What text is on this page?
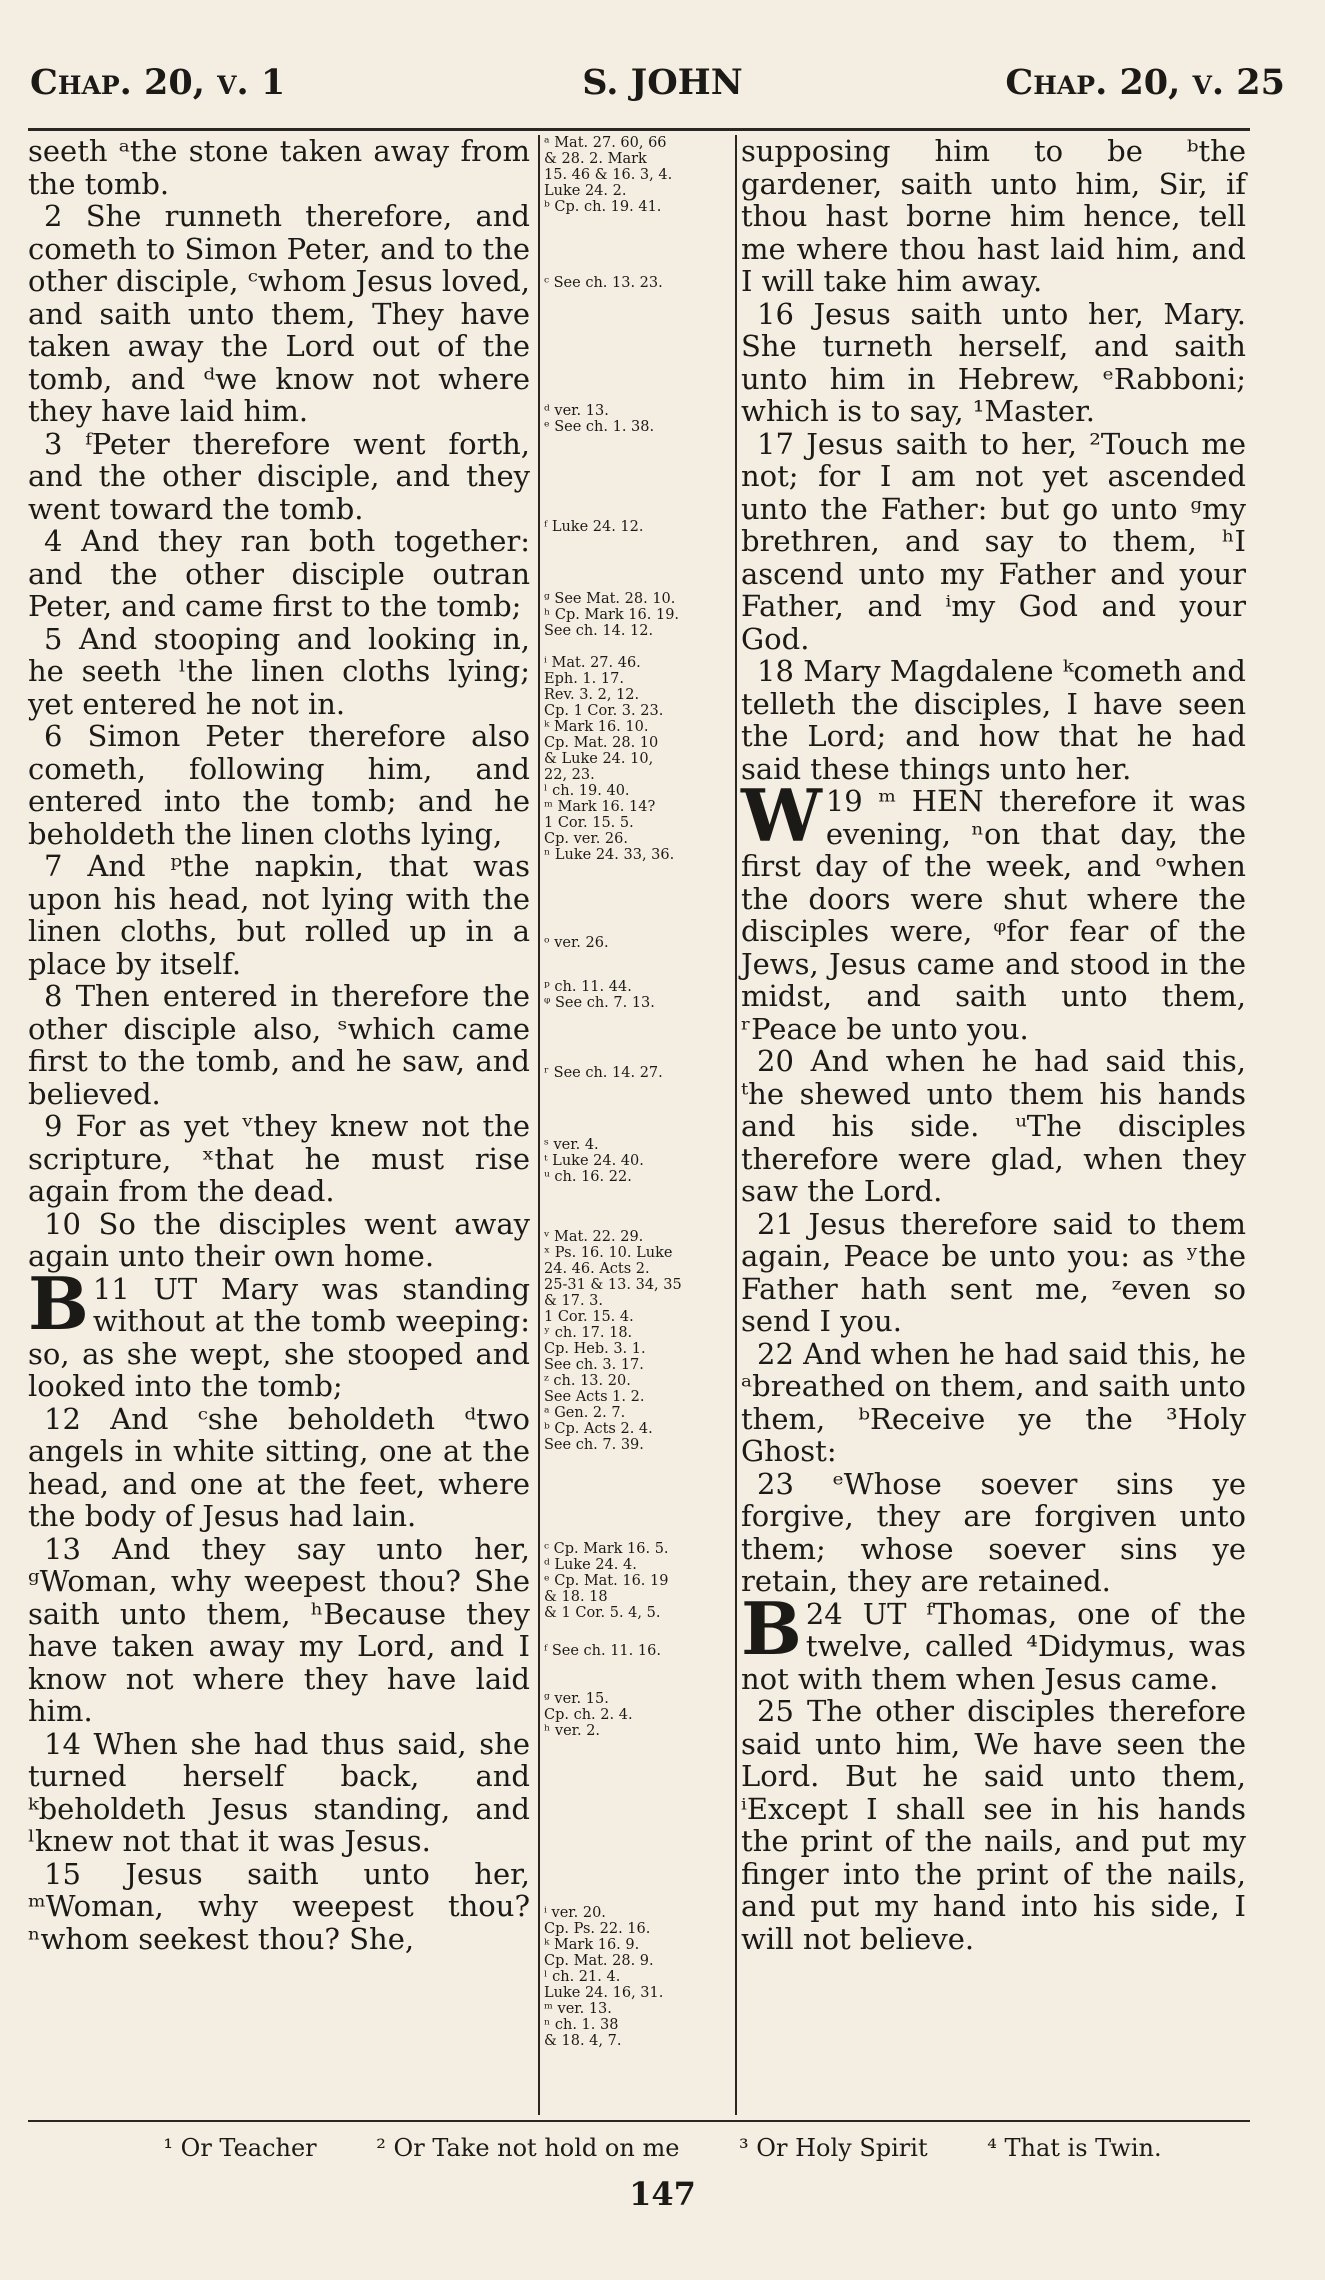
Chap. 20, v. 1	S. JOHN	Chap. 20, v. 25

seeth ᵃthe stone taken away from the tomb.

2 She runneth therefore, and cometh to Simon Peter, and to the other disciple, ᶜwhom Jesus loved, and saith unto them, They have taken away the Lord out of the tomb, and ᵈwe know not where they have laid him.

3 ᶠPeter therefore went forth, and the other disciple, and they went toward the tomb.

4 And they ran both together: and the other disciple outran Peter, and came first to the tomb;

5 And stooping and looking in, he seeth ˡthe linen cloths lying; yet entered he not in.

6 Simon Peter therefore also cometh, following him, and entered into the tomb; and he beholdeth the linen cloths lying,

7 And ᵖthe napkin, that was upon his head, not lying with the linen cloths, but rolled up in a place by itself.

8 Then entered in therefore the other disciple also, ˢwhich came first to the tomb, and he saw, and believed.

9 For as yet ᵛthey knew not the scripture, ˣthat he must rise again from the dead.

10 So the disciples went away again unto their own home.

11
B UT Mary was standing without at the tomb weeping: so, as she wept, she stooped and looked into the tomb;

12 And ᶜshe beholdeth ᵈtwo angels in white sitting, one at the head, and one at the feet, where the body of Jesus had lain.

13 And they say unto her, ᵍWoman, why weepest thou? She saith unto them, ʰBecause they have taken away my Lord, and I know not where they have laid him.

14 When she had thus said, she turned herself back, and ᵏbeholdeth Jesus standing, and ˡknew not that it was Jesus.

15 Jesus saith unto her, ᵐWoman, why weepest thou? ⁿwhom seekest thou? She,

ᵃ Mat. 27. 60, 66
& 28. 2. Mark
15. 46 & 16. 3, 4.
Luke 24. 2.
ᵇ Cp. ch. 19. 41.
ᶜ See ch. 13. 23.
ᵈ ver. 13.
ᵉ See ch. 1. 38.
ᶠ Luke 24. 12.
ᵍ See Mat. 28. 10.
ʰ Cp. Mark 16. 19.
See ch. 14. 12.
ⁱ Mat. 27. 46.
Eph. 1. 17.
Rev. 3. 2, 12.
Cp. 1 Cor. 3. 23.
ᵏ Mark 16. 10.
Cp. Mat. 28. 10
& Luke 24. 10,
22, 23.
ˡ ch. 19. 40.
ᵐ Mark 16. 14?
1 Cor. 15. 5.
Cp. ver. 26.
ⁿ Luke 24. 33, 36.
ᵒ ver. 26.
ᵖ ch. 11. 44.
ᵠ See ch. 7. 13.
ʳ See ch. 14. 27.
ˢ ver. 4.
ᵗ Luke 24. 40.
ᵘ ch. 16. 22.
ᵛ Mat. 22. 29.
ˣ Ps. 16. 10. Luke
24. 46. Acts 2.
25-31 & 13. 34, 35
& 17. 3.
1 Cor. 15. 4.
ʸ ch. 17. 18.
Cp. Heb. 3. 1.
See ch. 3. 17.
ᶻ ch. 13. 20.
See Acts 1. 2.
ᵃ Gen. 2. 7.
ᵇ Cp. Acts 2. 4.
See ch. 7. 39.
ᶜ Cp. Mark 16. 5.
ᵈ Luke 24. 4.
ᵉ Cp. Mat. 16. 19
& 18. 18
& 1 Cor. 5. 4, 5.
ᶠ See ch. 11. 16.
ᵍ ver. 15.
Cp. ch. 2. 4.
ʰ ver. 2.
ⁱ ver. 20.
Cp. Ps. 22. 16.
ᵏ Mark 16. 9.
Cp. Mat. 28. 9.
ˡ ch. 21. 4.
Luke 24. 16, 31.
ᵐ ver. 13.
ⁿ ch. 1. 38
& 18. 4, 7.

supposing him to be ᵇthe gardener, saith unto him, Sir, if thou hast borne him hence, tell me where thou hast laid him, and I will take him away.

16 Jesus saith unto her, Mary. She turneth herself, and saith unto him in Hebrew, ᵉRabboni; which is to say, ¹Master.

17 Jesus saith to her, ²Touch me not; for I am not yet ascended unto the Father: but go unto ᵍmy brethren, and say to them, ʰI ascend unto my Father and your Father, and ⁱmy God and your God.

18 Mary Magdalene ᵏcometh and telleth the disciples, I have seen the Lord; and how that he had said these things unto her.

19 ᵐ
W	HEN therefore it was evening, ⁿon that day, the first day of the week, and ᵒwhen the doors were shut where the disciples were, ᵠfor fear of the Jews, Jesus came and stood in the midst, and saith unto them, ʳPeace be unto you.

20 And when he had said this, ᵗhe shewed unto them his hands and his side. ᵘThe disciples therefore were glad, when they saw the Lord.

21 Jesus therefore said to them again, Peace be unto you: as ʸthe Father hath sent me, ᶻeven so send I you.

22 And when he had said this, he ᵃbreathed on them, and saith unto them, ᵇReceive ye the ³Holy Ghost:

23 ᵉWhose soever sins ye forgive, they are forgiven unto them; whose soever sins ye retain, they are retained.

24
B UT ᶠThomas, one of the twelve, called ⁴Didymus, was not with them when Jesus came.

25 The other disciples therefore said unto him, We have seen the Lord. But he said unto them, ⁱExcept I shall see in his hands the print of the nails, and put my finger into the print of the nails, and put my hand into his side, I will not believe.

¹ Or Teacher ² Or Take not hold on me ³ Or Holy Spirit ⁴ That is Twin.
147
